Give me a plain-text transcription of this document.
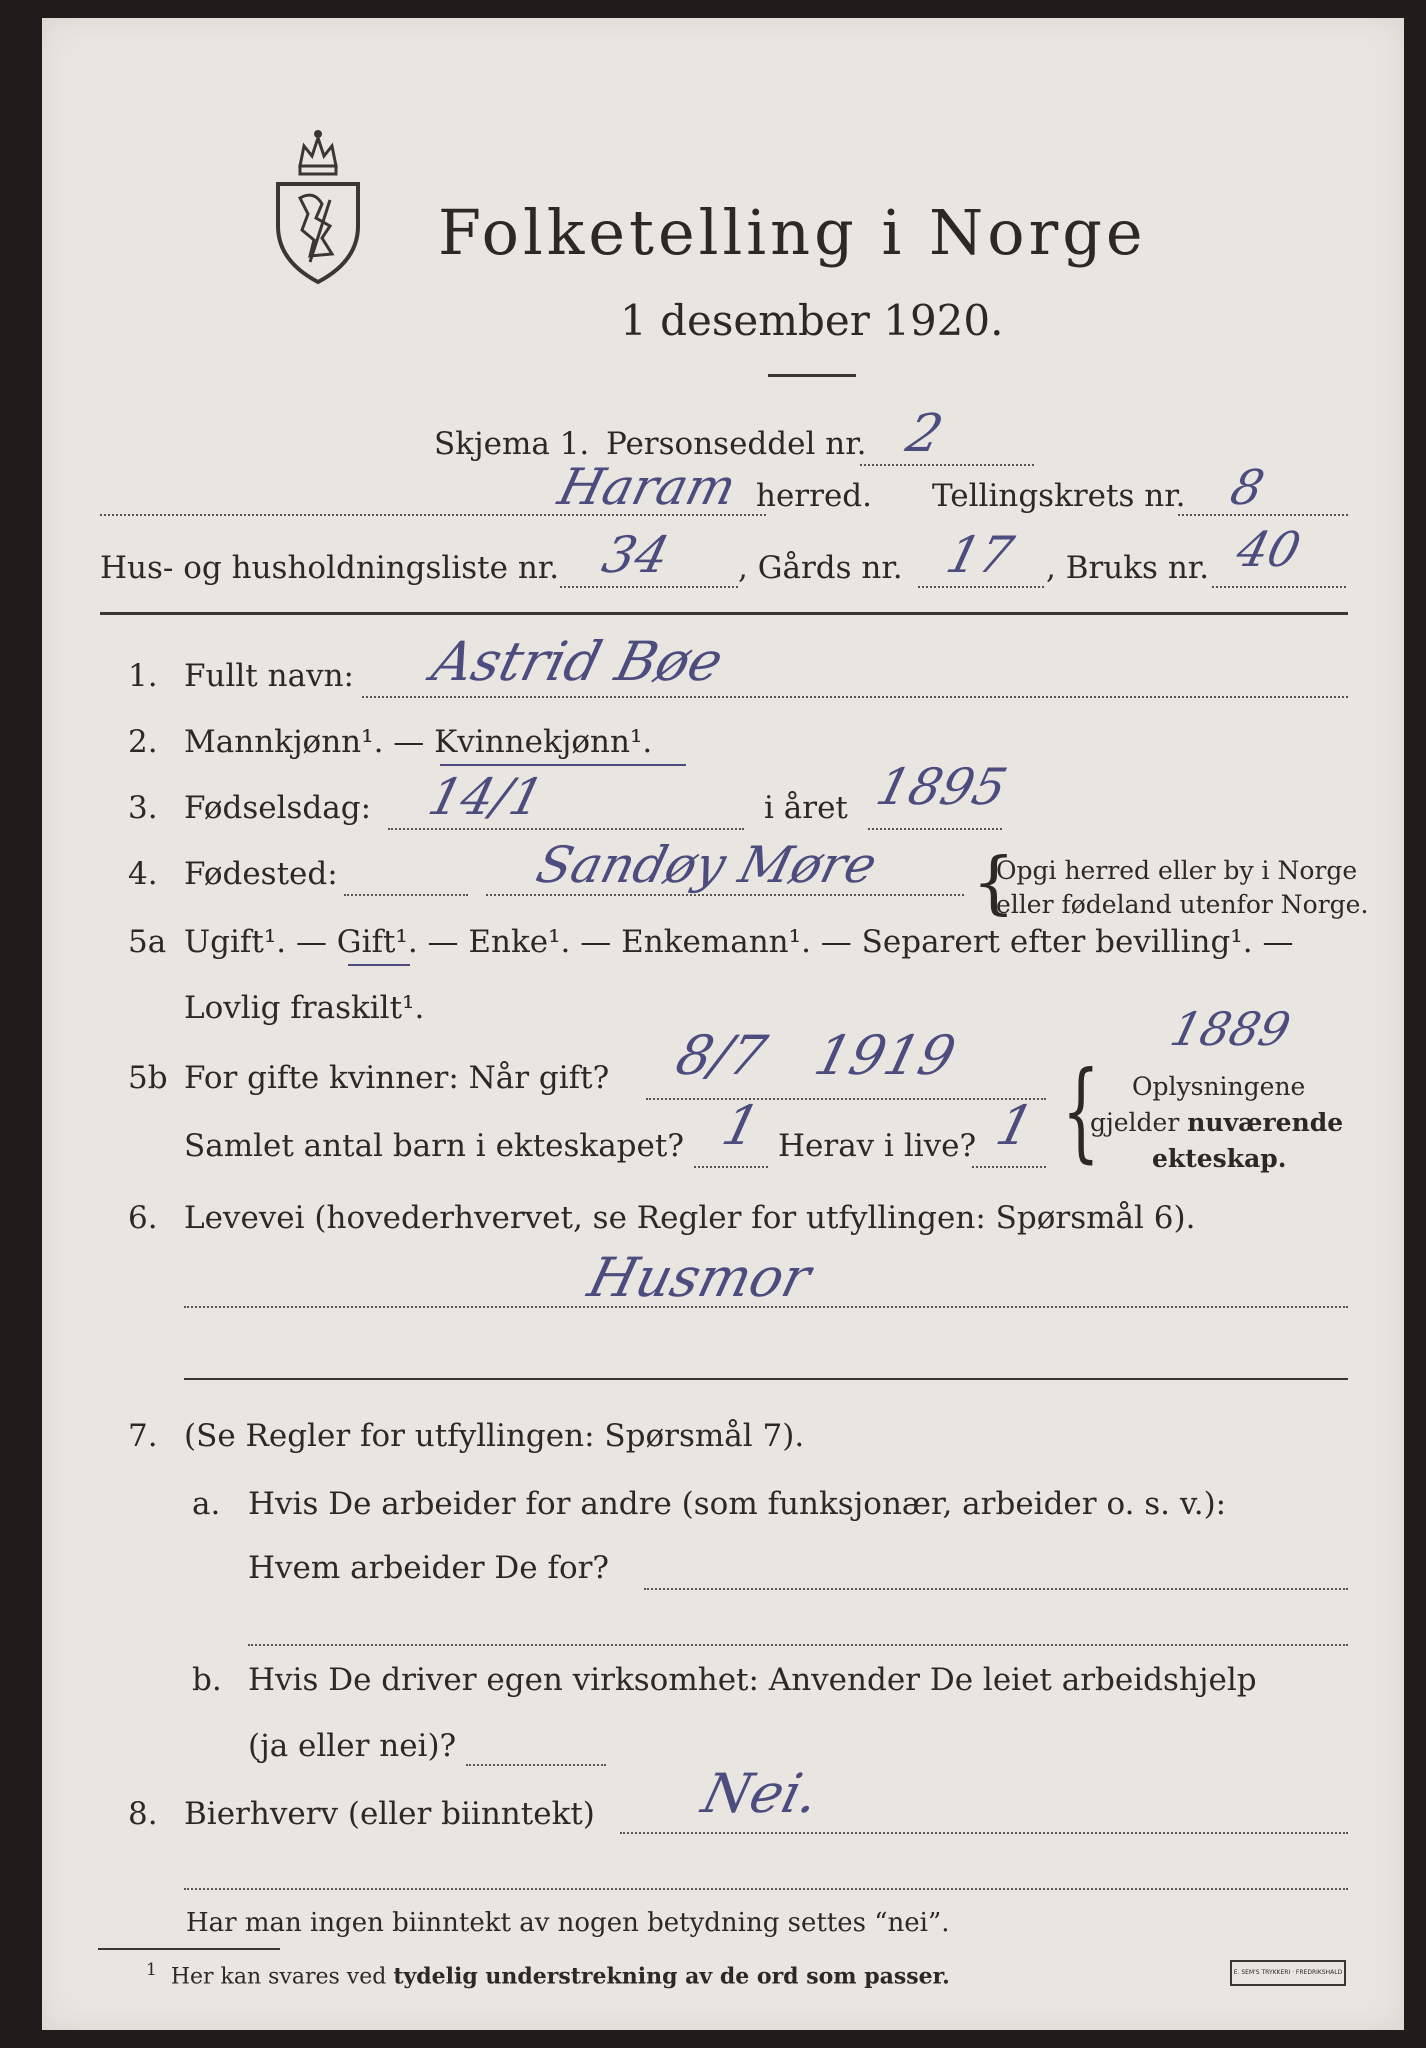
Folketelling i Norge
1 desember 1920.
Skjema 1. Personseddel nr. 2
Haram herred. Tellingskrets nr. 8
Hus- og husholdningsliste nr. 34 , Gårds nr. 17 , Bruks nr. 40
1. Fullt navn: Astrid Bøe
2. Mannkjønn¹. — Kvinnekjønn¹.
3. Fødselsdag: 14/1	i året 1895
4. Fødested:	Sandøy Møre {
Opgi herred eller by i Norge
eller fødeland utenfor Norge.
5a Ugift¹. — Gift¹. — Enke¹. — Enkemann¹. — Separert efter bevilling¹. —
Lovlig fraskilt¹.
5b For gifte kvinner: Når gift? 8/7   1919	1889
Samlet antal barn i ekteskapet? 1 Herav i live? 1 { Oplysningene
gjelder nuværende
ekteskap.
6. Levevei (hovederhvervet, se Regler for utfyllingen: Spørsmål 6).
Husmor
7. (Se Regler for utfyllingen: Spørsmål 7).
a. Hvis De arbeider for andre (som funksjonær, arbeider o. s. v.):
Hvem arbeider De for?
b. Hvis De driver egen virksomhet: Anvender De leiet arbeidshjelp
(ja eller nei)?
8. Bierhverv (eller biinntekt) Nei.
Har man ingen biinntekt av nogen betydning settes “nei”.
$^1$ Her kan svares ved tydelig understrekning av de ord som passer.	E. SEM'S TRYKKERI · FREDRIKSHALD
